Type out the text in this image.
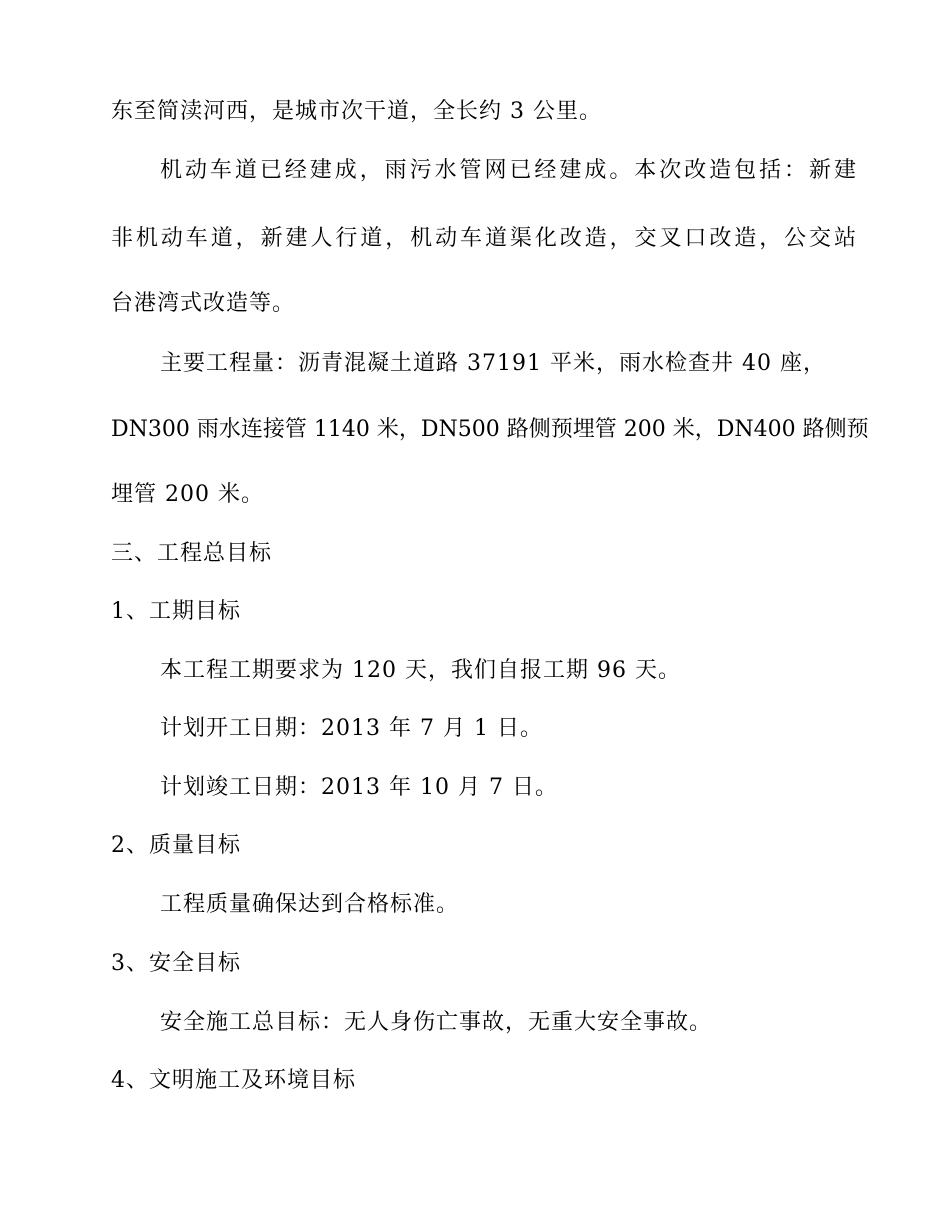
东至简渎河西，是城市次干道，全长约 3 公里。
机动车道已经建成，雨污水管网已经建成。本次改造包括：新建
非机动车道，新建人行道，机动车道渠化改造，交叉口改造，公交站
台港湾式改造等。
主要工程量：沥青混凝土道路 37191 平米，雨水检查井 40 座，
DN300 雨水连接管 1140 米，DN500 路侧预埋管 200 米，DN400 路侧预
埋管 200 米。
三、工程总目标
1、工期目标
本工程工期要求为 120 天，我们自报工期 96 天。
计划开工日期：2013 年 7 月 1 日。
计划竣工日期：2013 年 10 月 7 日。
2、质量目标
工程质量确保达到合格标准。
3、安全目标
安全施工总目标：无人身伤亡事故，无重大安全事故。
4、文明施工及环境目标
